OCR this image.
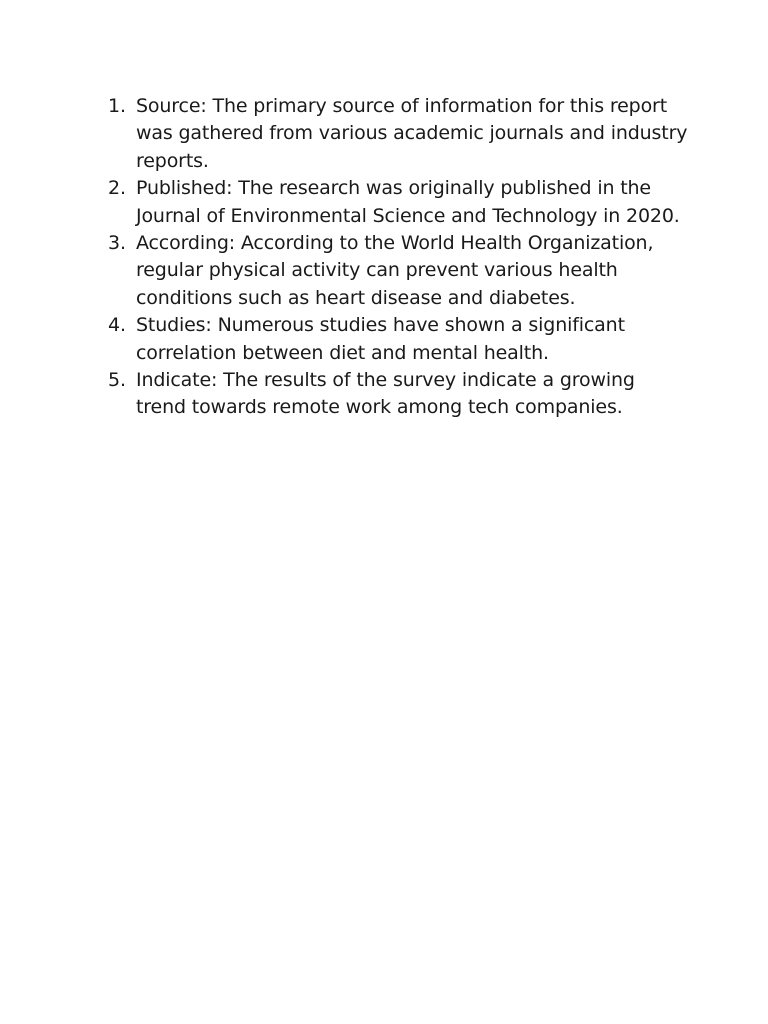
1. Source: The primary source of information for this report was gathered from various academic journals and industry reports.
2. Published: The research was originally published in the Journal of Environmental Science and Technology in 2020.
3. According: According to the World Health Organization, regular physical activity can prevent various health conditions such as heart disease and diabetes.
4. Studies: Numerous studies have shown a significant correlation between diet and mental health.
5. Indicate: The results of the survey indicate a growing trend towards remote work among tech companies.
